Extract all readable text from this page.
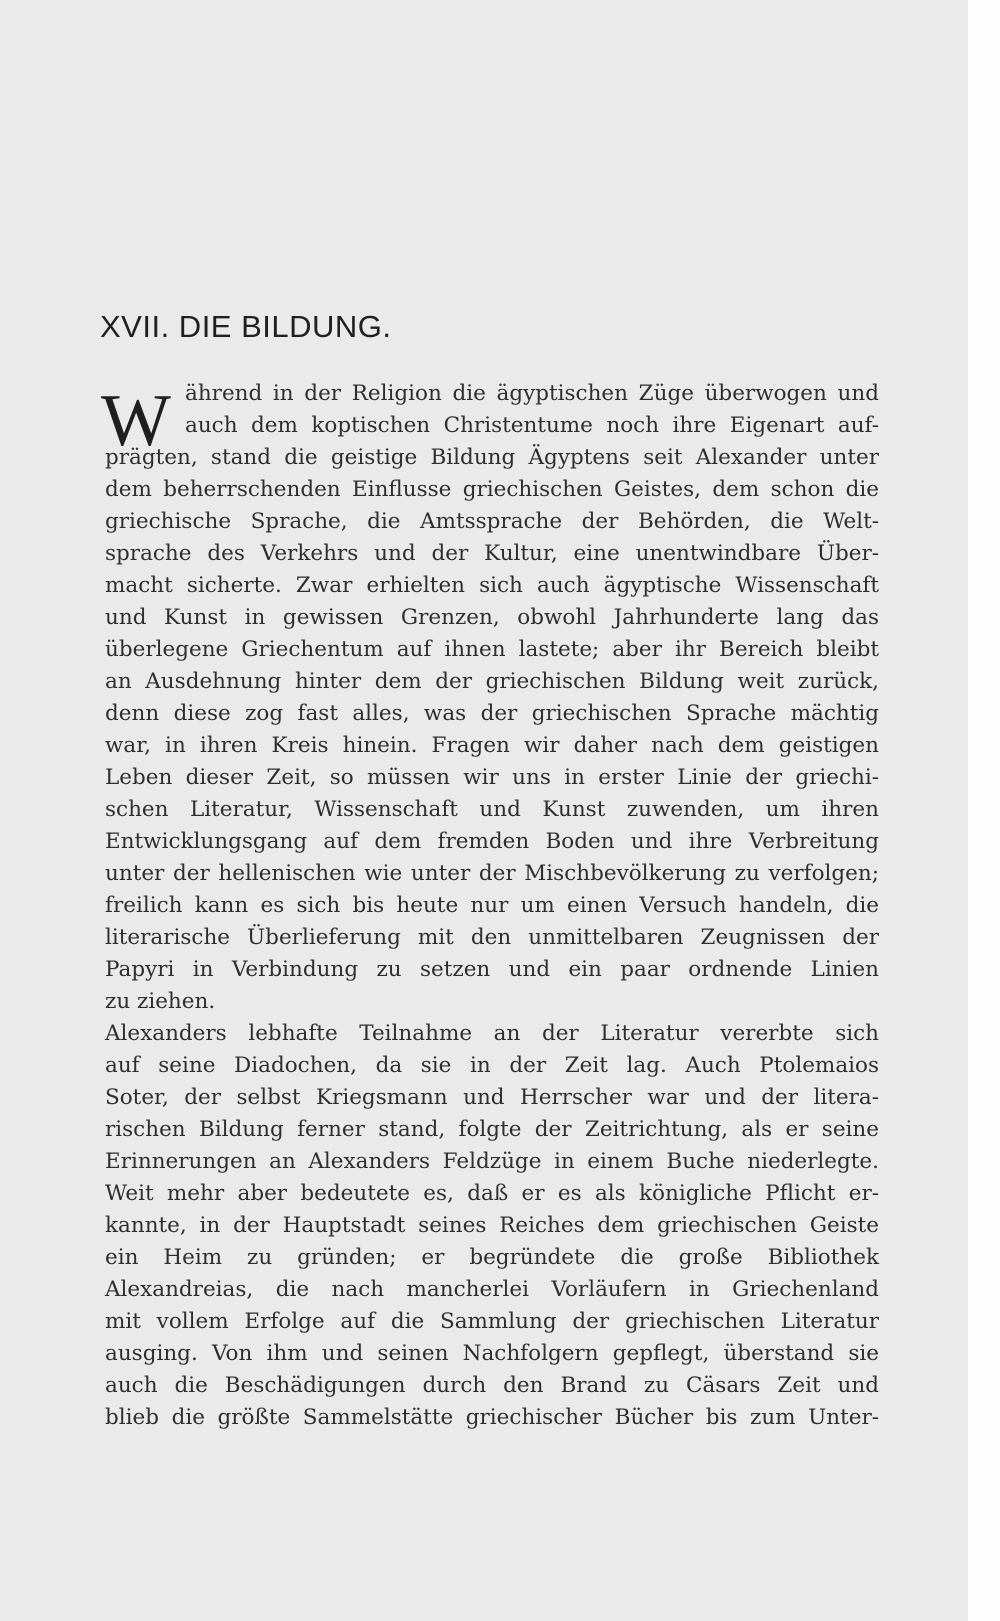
XVII. DIE BILDUNG.
W ährend in der Religion die ägyptischen Züge überwogen und
auch dem koptischen Christentume noch ihre Eigenart auf-
prägten, stand die geistige Bildung Ägyptens seit Alexander unter
dem beherrschenden Einflusse griechischen Geistes, dem schon die
griechische Sprache, die Amtssprache der Behörden, die Welt-
sprache des Verkehrs und der Kultur, eine unentwindbare Über-
macht sicherte. Zwar erhielten sich auch ägyptische Wissenschaft
und Kunst in gewissen Grenzen, obwohl Jahrhunderte lang das
überlegene Griechentum auf ihnen lastete; aber ihr Bereich bleibt
an Ausdehnung hinter dem der griechischen Bildung weit zurück,
denn diese zog fast alles, was der griechischen Sprache mächtig
war, in ihren Kreis hinein. Fragen wir daher nach dem geistigen
Leben dieser Zeit, so müssen wir uns in erster Linie der griechi-
schen Literatur, Wissenschaft und Kunst zuwenden, um ihren
Entwicklungsgang auf dem fremden Boden und ihre Verbreitung
unter der hellenischen wie unter der Mischbevölkerung zu verfolgen;
freilich kann es sich bis heute nur um einen Versuch handeln, die
literarische Überlieferung mit den unmittelbaren Zeugnissen der
Papyri in Verbindung zu setzen und ein paar ordnende Linien
zu ziehen.
Alexanders lebhafte Teilnahme an der Literatur vererbte sich
auf seine Diadochen, da sie in der Zeit lag. Auch Ptolemaios
Soter, der selbst Kriegsmann und Herrscher war und der litera-
rischen Bildung ferner stand, folgte der Zeitrichtung, als er seine
Erinnerungen an Alexanders Feldzüge in einem Buche niederlegte.
Weit mehr aber bedeutete es, daß er es als königliche Pflicht er-
kannte, in der Hauptstadt seines Reiches dem griechischen Geiste
ein Heim zu gründen; er begründete die große Bibliothek
Alexandreias, die nach mancherlei Vorläufern in Griechenland
mit vollem Erfolge auf die Sammlung der griechischen Literatur
ausging. Von ihm und seinen Nachfolgern gepflegt, überstand sie
auch die Beschädigungen durch den Brand zu Cäsars Zeit und
blieb die größte Sammelstätte griechischer Bücher bis zum Unter-
